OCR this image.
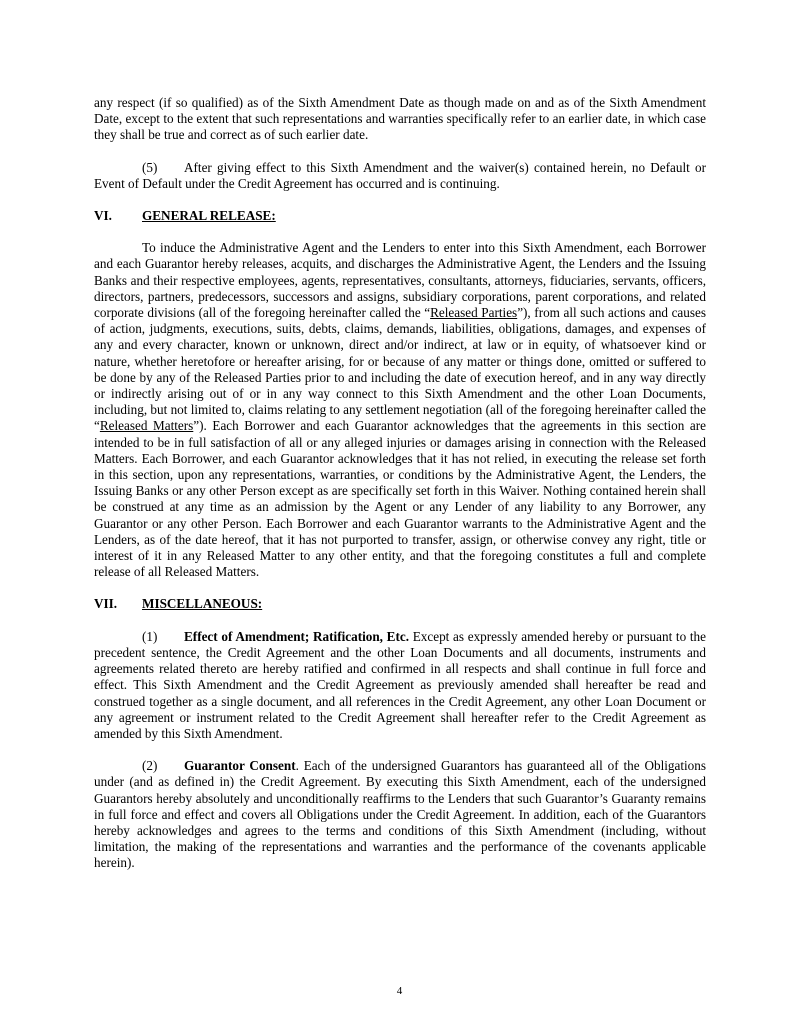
any respect (if so qualified) as of the Sixth Amendment Date as though made on and as of the Sixth Amendment Date, except to the extent that such representations and warranties specifically refer to an earlier date, in which case they shall be true and correct as of such earlier date.

(5) After giving effect to this Sixth Amendment and the waiver(s) contained herein, no Default or Event of Default under the Credit Agreement has occurred and is continuing.

VI. GENERAL RELEASE:

To induce the Administrative Agent and the Lenders to enter into this Sixth Amendment, each Borrower and each Guarantor hereby releases, acquits, and discharges the Administrative Agent, the Lenders and the Issuing Banks and their respective employees, agents, representatives, consultants, attorneys, fiduciaries, servants, officers, directors, partners, predecessors, successors and assigns, subsidiary corporations, parent corporations, and related corporate divisions (all of the foregoing hereinafter called the “Released Parties”), from all such actions and causes of action, judgments, executions, suits, debts, claims, demands, liabilities, obligations, damages, and expenses of any and every character, known or unknown, direct and/or indirect, at law or in equity, of whatsoever kind or nature, whether heretofore or hereafter arising, for or because of any matter or things done, omitted or suffered to be done by any of the Released Parties prior to and including the date of execution hereof, and in any way directly or indirectly arising out of or in any way connect to this Sixth Amendment and the other Loan Documents, including, but not limited to, claims relating to any settlement negotiation (all of the foregoing hereinafter called the “Released Matters”). Each Borrower and each Guarantor acknowledges that the agreements in this section are intended to be in full satisfaction of all or any alleged injuries or damages arising in connection with the Released Matters. Each Borrower, and each Guarantor acknowledges that it has not relied, in executing the release set forth in this section, upon any representations, warranties, or conditions by the Administrative Agent, the Lenders, the Issuing Banks or any other Person except as are specifically set forth in this Waiver. Nothing contained herein shall be construed at any time as an admission by the Agent or any Lender of any liability to any Borrower, any Guarantor or any other Person. Each Borrower and each Guarantor warrants to the Administrative Agent and the Lenders, as of the date hereof, that it has not purported to transfer, assign, or otherwise convey any right, title or interest of it in any Released Matter to any other entity, and that the foregoing constitutes a full and complete release of all Released Matters.

VII. MISCELLANEOUS:

(1) Effect of Amendment; Ratification, Etc. Except as expressly amended hereby or pursuant to the precedent sentence, the Credit Agreement and the other Loan Documents and all documents, instruments and agreements related thereto are hereby ratified and confirmed in all respects and shall continue in full force and effect. This Sixth Amendment and the Credit Agreement as previously amended shall hereafter be read and construed together as a single document, and all references in the Credit Agreement, any other Loan Document or any agreement or instrument related to the Credit Agreement shall hereafter refer to the Credit Agreement as amended by this Sixth Amendment.

(2) Guarantor Consent. Each of the undersigned Guarantors has guaranteed all of the Obligations under (and as defined in) the Credit Agreement. By executing this Sixth Amendment, each of the undersigned Guarantors hereby absolutely and unconditionally reaffirms to the Lenders that such Guarantor’s Guaranty remains in full force and effect and covers all Obligations under the Credit Agreement. In addition, each of the Guarantors hereby acknowledges and agrees to the terms and conditions of this Sixth Amendment (including, without limitation, the making of the representations and warranties and the performance of the covenants applicable herein).

4
